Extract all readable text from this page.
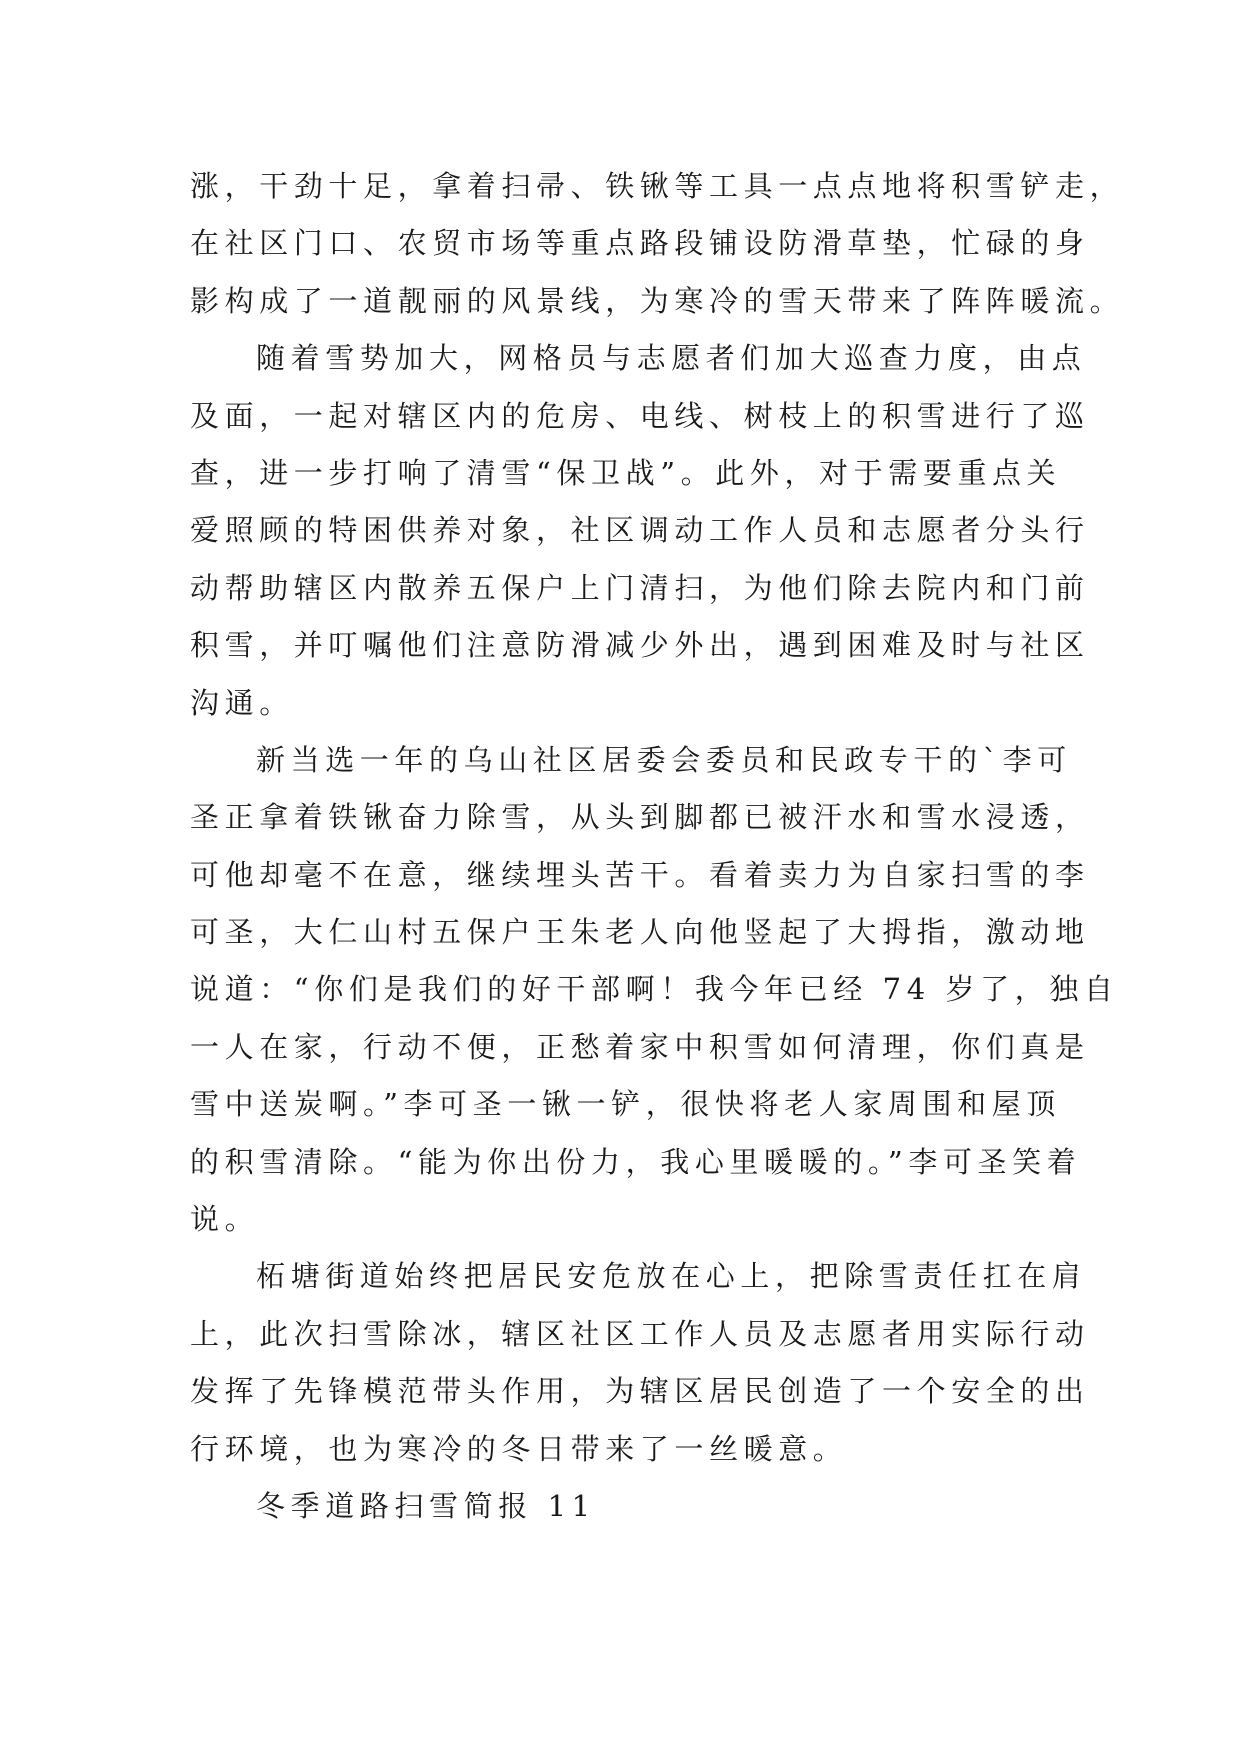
涨，干劲十足，拿着扫帚、铁锹等工具一点点地将积雪铲走，
在社区门口、农贸市场等重点路段铺设防滑草垫，忙碌的身
影构成了一道靓丽的风景线，为寒冷的雪天带来了阵阵暖流。
随着雪势加大，网格员与志愿者们加大巡查力度，由点
及面，一起对辖区内的危房、电线、树枝上的积雪进行了巡
查，进一步打响了清雪“保卫战”。此外，对于需要重点关
爱照顾的特困供养对象，社区调动工作人员和志愿者分头行
动帮助辖区内散养五保户上门清扫，为他们除去院内和门前
积雪，并叮嘱他们注意防滑减少外出，遇到困难及时与社区
沟通。
新当选一年的乌山社区居委会委员和民政专干的`李可
圣正拿着铁锹奋力除雪，从头到脚都已被汗水和雪水浸透，
可他却毫不在意，继续埋头苦干。看着卖力为自家扫雪的李
可圣，大仁山村五保户王朱老人向他竖起了大拇指，激动地
说道：“你们是我们的好干部啊！我今年已经 74 岁了，独自
一人在家，行动不便，正愁着家中积雪如何清理，你们真是
雪中送炭啊。”李可圣一锹一铲，很快将老人家周围和屋顶
的积雪清除。“能为你出份力，我心里暖暖的。”李可圣笑着
说。
柘塘街道始终把居民安危放在心上，把除雪责任扛在肩
上，此次扫雪除冰，辖区社区工作人员及志愿者用实际行动
发挥了先锋模范带头作用，为辖区居民创造了一个安全的出
行环境，也为寒冷的冬日带来了一丝暖意。
冬季道路扫雪简报 11
